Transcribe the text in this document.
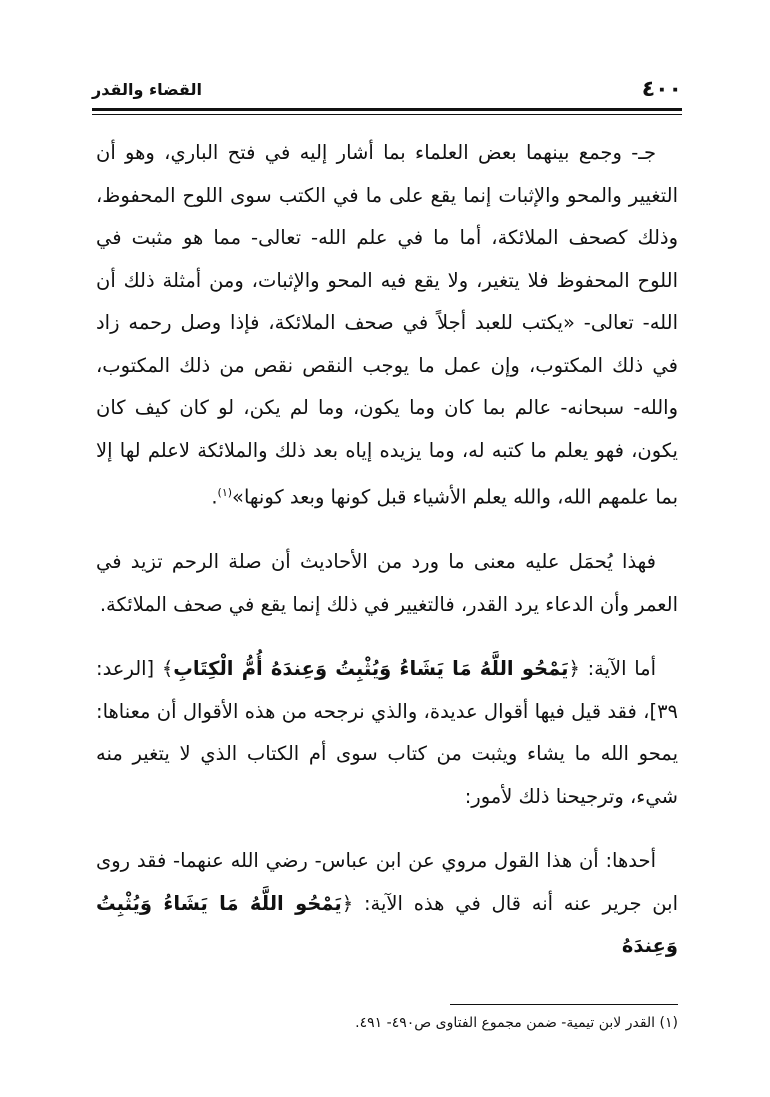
٤٠٠
القضاء والقدر

جـ- وجمع بينهما بعض العلماء بما أشار إليه في فتح الباري، وهو أن التغيير والمحو والإثبات إنما يقع على ما في الكتب سوى اللوح المحفوظ، وذلك كصحف الملائكة، أما ما في علم الله- تعالى- مما هو مثبت في اللوح المحفوظ فلا يتغير، ولا يقع فيه المحو والإثبات، ومن أمثلة ذلك أن الله- تعالى- «يكتب للعبد أجلاً في صحف الملائكة، فإذا وصل رحمه زاد في ذلك المكتوب، وإن عمل ما يوجب النقص نقص من ذلك المكتوب، والله- سبحانه- عالم بما كان وما يكون، وما لم يكن، لو كان كيف كان يكون، فهو يعلم ما كتبه له، وما يزيده إياه بعد ذلك والملائكة لاعلم لها إلا بما علمهم الله، والله يعلم الأشياء قبل كونها وبعد كونها»$^{(١)}$.

فهذا يُحمَل عليه معنى ما ورد من الأحاديث أن صلة الرحم تزيد في العمر وأن الدعاء يرد القدر، فالتغيير في ذلك إنما يقع في صحف الملائكة.

أما الآية: ﴿يَمْحُو اللَّهُ مَا يَشَاءُ وَيُثْبِتُ وَعِندَهُ أُمُّ الْكِتَابِ﴾ [الرعد: ٣٩]، فقد قيل فيها أقوال عديدة، والذي نرجحه من هذه الأقوال أن معناها: يمحو الله ما يشاء ويثبت من كتاب سوى أم الكتاب الذي لا يتغير منه شيء، وترجيحنا ذلك لأمور:

أحدها: أن هذا القول مروي عن ابن عباس- رضي الله عنهما- فقد روى ابن جرير عنه أنه قال في هذه الآية: ﴿يَمْحُو اللَّهُ مَا يَشَاءُ وَيُثْبِتُ وَعِندَهُ

(١) القدر لابن تيمية- ضمن مجموع الفتاوى ص٤٩٠- ٤٩١.
